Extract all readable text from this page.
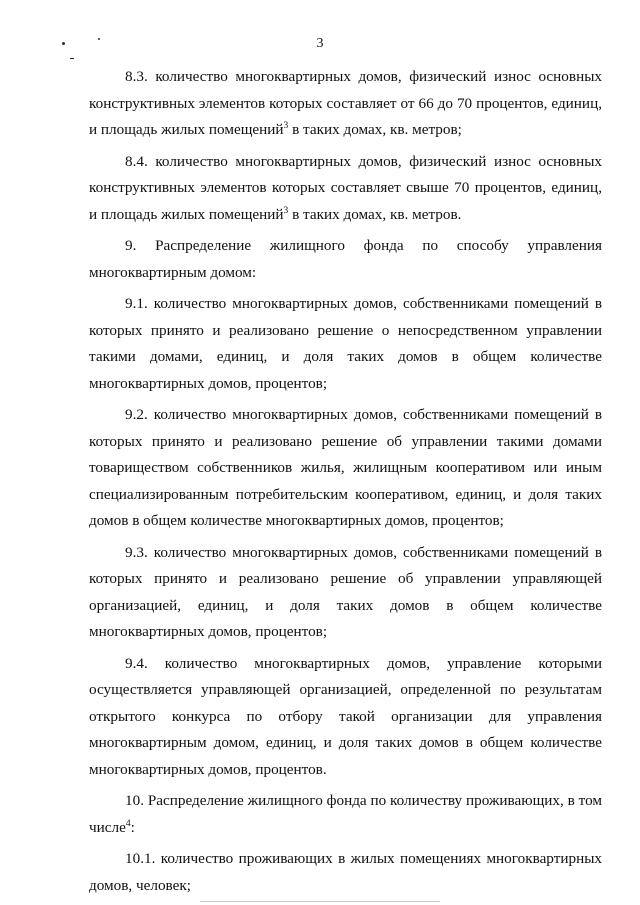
3

8.3. количество многоквартирных домов, физический износ основных конструктивных элементов которых составляет от 66 до 70 процентов, единиц, и площадь жилых помещений$^3$ в таких домах, кв. метров;

8.4. количество многоквартирных домов, физический износ основных конструктивных элементов которых составляет свыше 70 процентов, единиц, и площадь жилых помещений$^3$ в таких домах, кв. метров.

9. Распределение жилищного фонда по способу управления многоквартирным домом:

9.1. количество многоквартирных домов, собственниками помещений в которых принято и реализовано решение о непосредственном управлении такими домами, единиц, и доля таких домов в общем количестве многоквартирных домов, процентов;

9.2. количество многоквартирных домов, собственниками помещений в которых принято и реализовано решение об управлении такими домами товариществом собственников жилья, жилищным кооперативом или иным специализированным потребительским кооперативом, единиц, и доля таких домов в общем количестве многоквартирных домов, процентов;

9.3. количество многоквартирных домов, собственниками помещений в которых принято и реализовано решение об управлении управляющей организацией, единиц, и доля таких домов в общем количестве многоквартирных домов, процентов;

9.4. количество многоквартирных домов, управление которыми осуществляется управляющей организацией, определенной по результатам открытого конкурса по отбору такой организации для управления многоквартирным домом, единиц, и доля таких домов в общем количестве многоквартирных домов, процентов.

10. Распределение жилищного фонда по количеству проживающих, в том числе$^4$:

10.1. количество проживающих в жилых помещениях многоквартирных домов, человек;
